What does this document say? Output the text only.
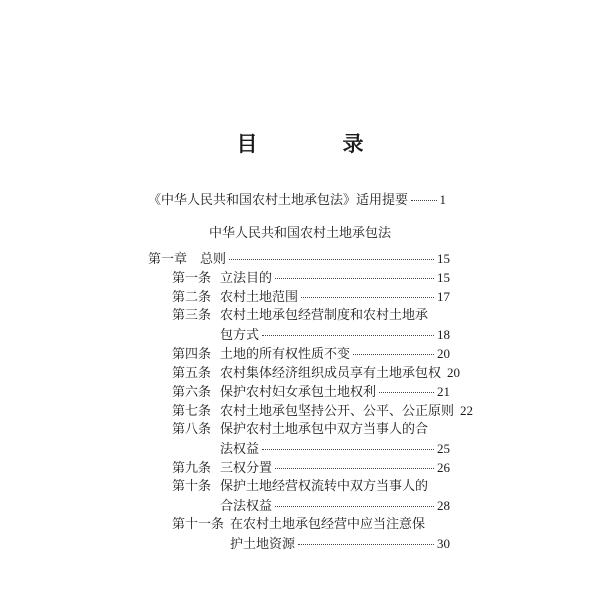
目　录
《中华人民共和国农村土地承包法》适用提要 1
中华人民共和国农村土地承包法
第一章　总则	15
第一条 立法目的	15
第二条 农村土地范围	17
第三条 农村土地承包经营制度和农村土地承
包方式	18
第四条 土地的所有权性质不变	20
第五条 农村集体经济组织成员享有土地承包权 20
第六条 保护农村妇女承包土地权利	21
第七条 农村土地承包坚持公开、公平、公正原则 22
第八条 保护农村土地承包中双方当事人的合
法权益	25
第九条 三权分置	26
第十条 保护土地经营权流转中双方当事人的
合法权益	28
第十一条 在农村土地承包经营中应当注意保
护土地资源	30
